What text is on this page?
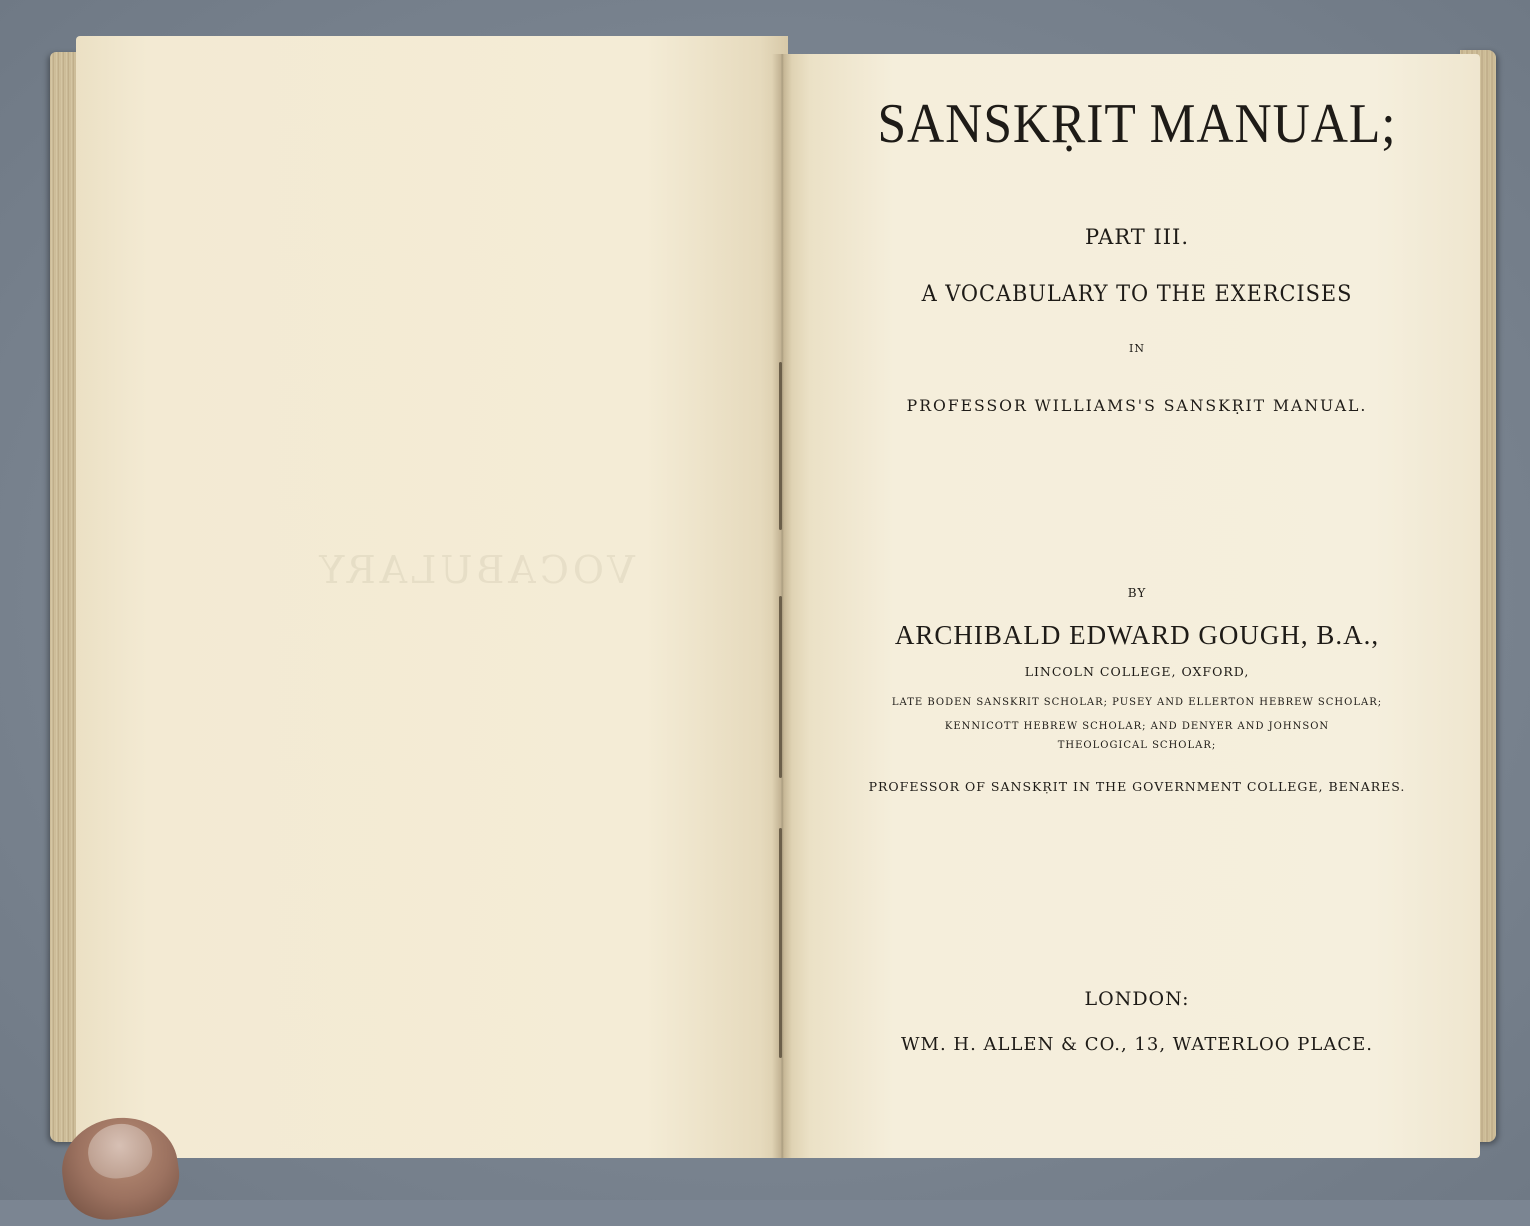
VOCABULARY
SANSKṚIT MANUAL;
PART III.
A VOCABULARY TO THE EXERCISES
IN
PROFESSOR WILLIAMS'S SANSKṚIT MANUAL.
BY
ARCHIBALD EDWARD GOUGH, B.A.,
LINCOLN COLLEGE, OXFORD,
LATE BODEN SANSKRIT SCHOLAR; PUSEY AND ELLERTON HEBREW SCHOLAR;
KENNICOTT HEBREW SCHOLAR; AND DENYER AND JOHNSON
THEOLOGICAL SCHOLAR;
PROFESSOR OF SANSKṚIT IN THE GOVERNMENT COLLEGE, BENARES.
LONDON:
WM. H. ALLEN & CO., 13, WATERLOO PLACE.
